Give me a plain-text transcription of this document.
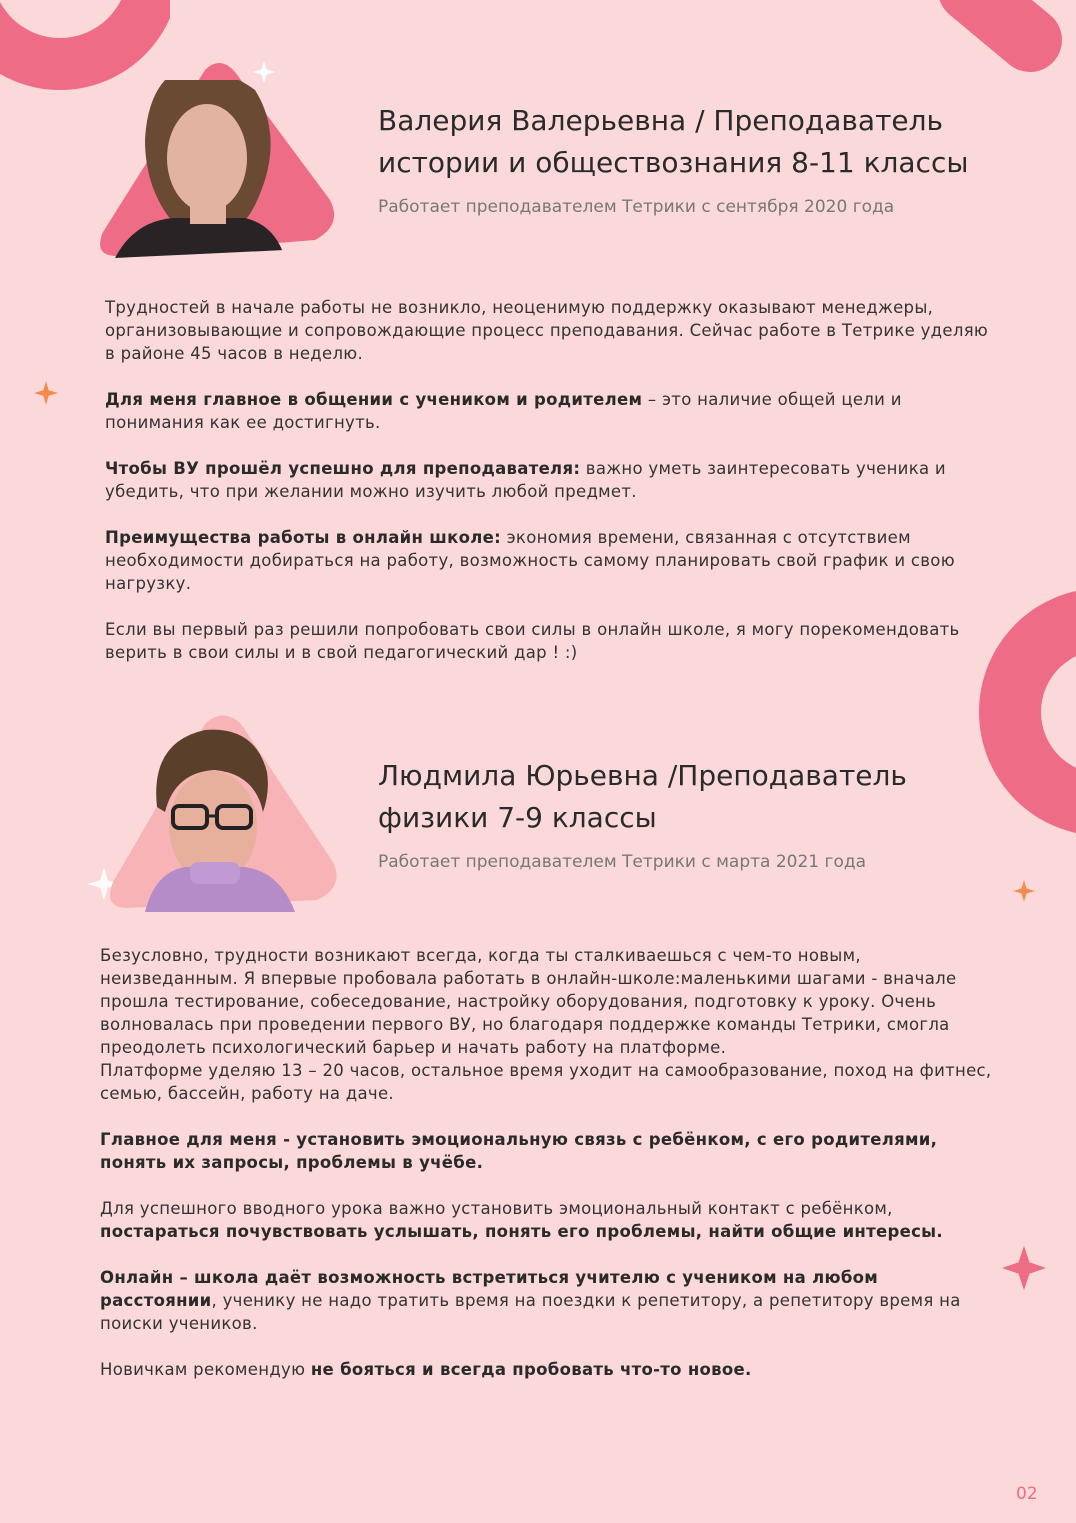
Валерия Валерьевна / Преподаватель
истории и обществознания 8-11 классы

Работает преподавателем Тетрики с сентября 2020 года

Трудностей в начале работы не возникло, неоценимую поддержку оказывают менеджеры, организовывающие и сопровождающие процесс преподавания. Сейчас работе в Тетрике уделяю в районе 45 часов в неделю.

Для меня главное в общении с учеником и родителем – это наличие общей цели и понимания как ее достигнуть.

Чтобы ВУ прошёл успешно для преподавателя: важно уметь заинтересовать ученика и убедить, что при желании можно изучить любой предмет.

Преимущества работы в онлайн школе: экономия времени, связанная с отсутствием необходимости добираться на работу, возможность самому планировать свой график и свою нагрузку.

Если вы первый раз решили попробовать свои силы в онлайн школе, я могу порекомендовать верить в свои силы и в свой педагогический дар ! :)

Людмила Юрьевна /Преподаватель
физики 7-9 классы

Работает преподавателем Тетрики с марта 2021 года

Безусловно, трудности возникают всегда, когда ты сталкиваешься с чем-то новым, неизведанным. Я впервые пробовала работать в онлайн-школе:маленькими шагами - вначале прошла тестирование, собеседование, настройку оборудования, подготовку к уроку. Очень волновалась при проведении первого ВУ, но благодаря поддержке команды Тетрики, смогла преодолеть психологический барьер и начать работу на платформе.

Платформе уделяю 13 – 20 часов, остальное время уходит на самообразование, поход на фитнес, семью, бассейн, работу на даче.

Главное для меня - установить эмоциональную связь с ребёнком, с его родителями, понять их запросы, проблемы в учёбе.

Для успешного вводного урока важно установить эмоциональный контакт с ребёнком, постараться почувствовать услышать, понять его проблемы, найти общие интересы.

Онлайн – школа даёт возможность встретиться учителю с учеником на любом расстоянии, ученику не надо тратить время на поездки к репетитору, а репетитору время на поиски учеников.

Новичкам рекомендую не бояться и всегда пробовать что-то новое.

02
